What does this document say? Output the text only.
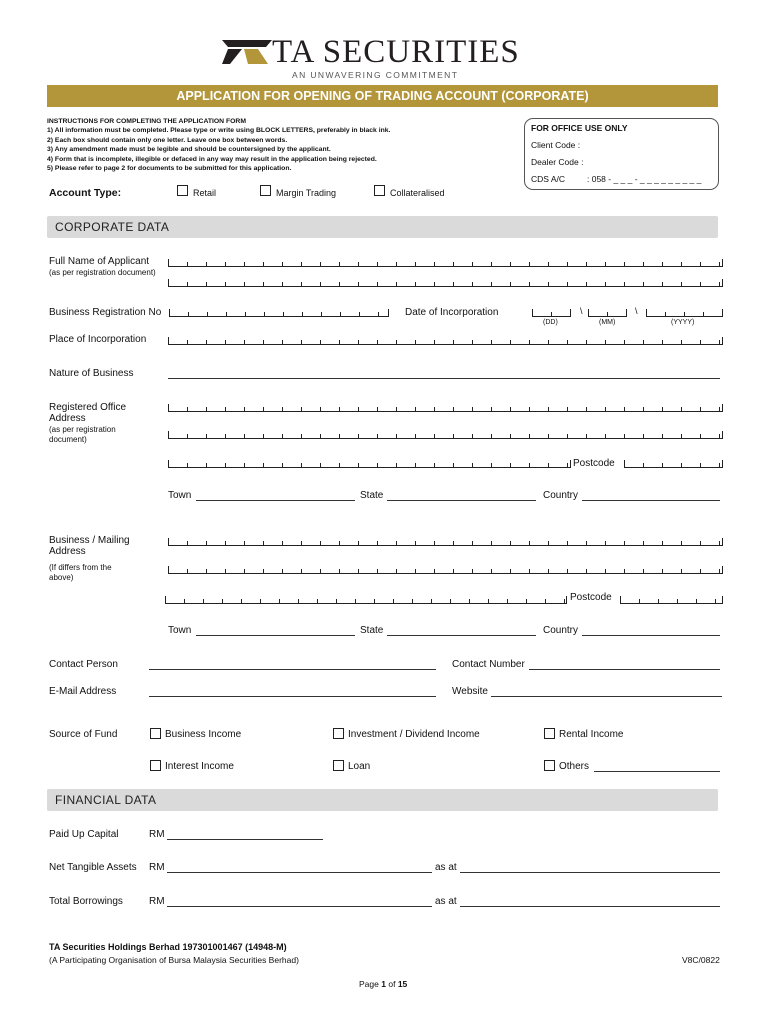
TA SECURITIES
AN UNWAVERING COMMITMENT
APPLICATION FOR OPENING OF TRADING ACCOUNT (CORPORATE)
INSTRUCTIONS FOR COMPLETING THE APPLICATION FORM
1) All information must be completed. Please type or write using BLOCK LETTERS, preferably in black ink.
2) Each box should contain only one letter. Leave one box between words.
3) Any amendment made must be legible and should be countersigned by the applicant.
4) Form that is incomplete, illegible or defaced in any way may result in the application being rejected.
5) Please refer to page 2 for documents to be submitted for this application.
FOR OFFICE USE ONLY
Client Code :
Dealer Code :
CDS A/C	: 058 - _ _ _ - _ _ _ _ _ _ _ _ _
Account Type:	Retail	Margin Trading	Collateralised
CORPORATE DATA
Full Name of Applicant
(as per registration document)
Business Registration No	Date of Incorporation	\	\
(DD)	(MM)	(YYYY)
Place of Incorporation
Nature of Business
Registered Office
Address
(as per registration
document)
Postcode
Town	State	Country
Business / Mailing
Address
(If differs from the
above)
Postcode
Town	State	Country
Contact Person	Contact Number
E-Mail Address	Website
Source of Fund	Business Income	Investment / Dividend Income	Rental Income
Interest Income	Loan	Others
FINANCIAL DATA
Paid Up Capital	RM
Net Tangible Assets RM	as at
Total Borrowings	RM	as at
TA Securities Holdings Berhad 197301001467 (14948-M)
(A Participating Organisation of Bursa Malaysia Securities Berhad)	V8C/0822
Page 1 of 15
